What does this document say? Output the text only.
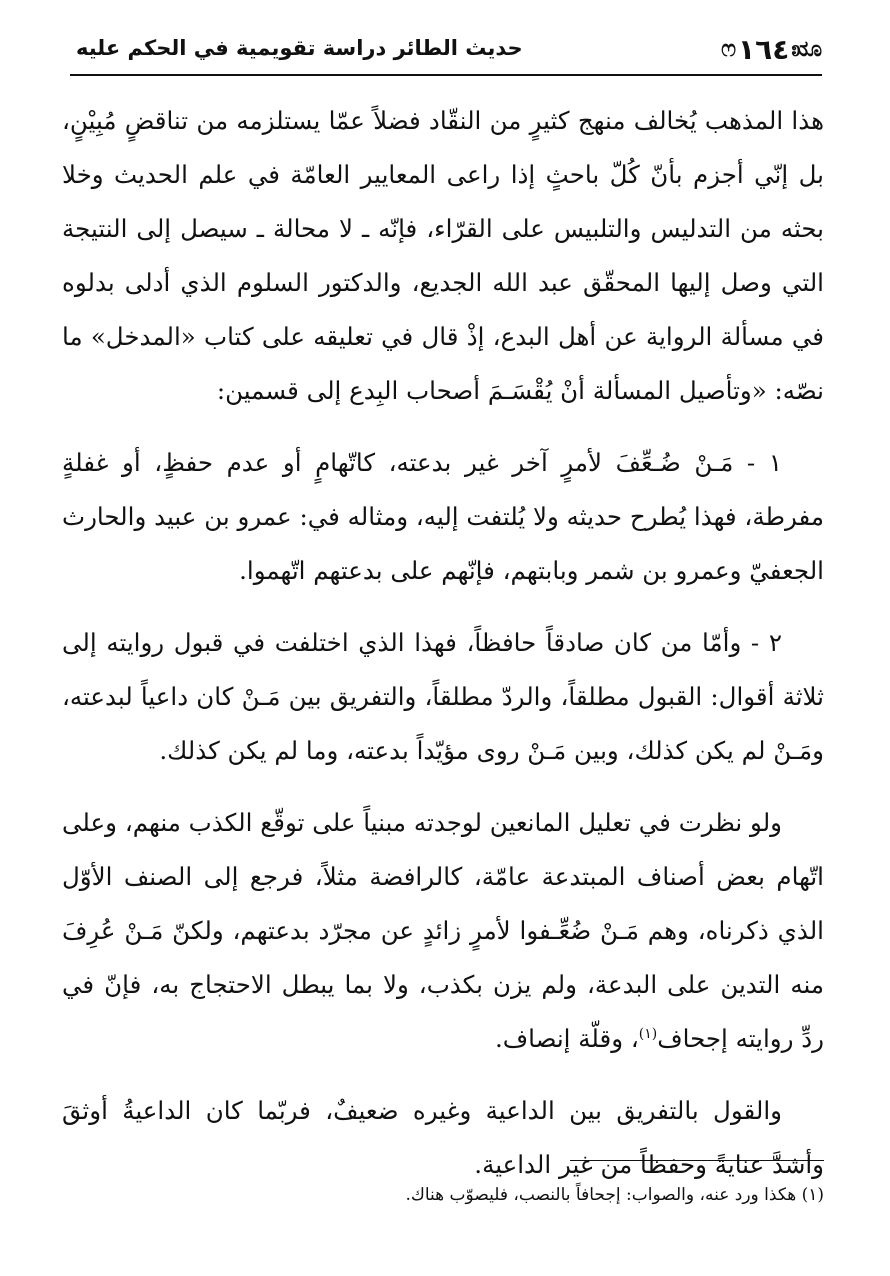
ೠ
١٦٤
ෆ
حديث الطائر دراسة تقويمية في الحكم عليه

هذا المذهب يُخالف منهج كثيرٍ من النقّاد فضلاً عمّا يستلزمه من تناقضٍ مُبِيْنٍ، بل إنّي أجزم بأنّ كُلّ باحثٍ إذا راعى المعايير العامّة في علم الحديث وخلا بحثه من التدليس والتلبيس على القرّاء، فإنّه ـ لا محالة ـ سيصل إلى النتيجة التي وصل إليها المحقّق عبد الله الجديع، والدكتور السلوم الذي أدلى بدلوه في مسألة الرواية عن أهل البدع، إذْ قال في تعليقه على كتاب «المدخل» ما نصّه: «وتأصيل المسألة أنْ يُقْسَـمَ أصحاب البِدع إلى قسمين:

١ - مَـنْ ضُـعِّفَ لأمرٍ آخر غير بدعته، كاتّهامٍ أو عدم حفظٍ، أو غفلةٍ مفرطة، فهذا يُطرح حديثه ولا يُلتفت إليه، ومثاله في: عمرو بن عبيد والحارث الجعفيّ وعمرو بن شمر وبابتهم، فإنّهم على بدعتهم اتّهموا.

٢ - وأمّا من كان صادقاً حافظاً، فهذا الذي اختلفت في قبول روايته إلى ثلاثة أقوال: القبول مطلقاً، والردّ مطلقاً، والتفريق بين مَـنْ كان داعياً لبدعته، ومَـنْ لم يكن كذلك، وبين مَـنْ روى مؤيّداً بدعته، وما لم يكن كذلك.

ولو نظرت في تعليل المانعين لوجدته مبنياً على توقّع الكذب منهم، وعلى اتّهام بعض أصناف المبتدعة عامّة، كالرافضة مثلاً، فرجع إلى الصنف الأوّل الذي ذكرناه، وهم مَـنْ ضُعِّـفوا لأمرٍ زائدٍ عن مجرّد بدعتهم، ولكنّ مَـنْ عُرِفَ منه التدين على البدعة، ولم يزن بكذب، ولا بما يبطل الاحتجاج به، فإنّ في ردِّ روايته إجحاف$^{(١)}$، وقلّة إنصاف.

والقول بالتفريق بين الداعية وغيره ضعيفٌ، فربّما كان الداعيةُ أوثقَ وأشدَّ عنايةً وحفظاً من غير الداعية.

(١) هكذا ورد عنه، والصواب: إجحافاً بالنصب، فليصوّب هناك.
